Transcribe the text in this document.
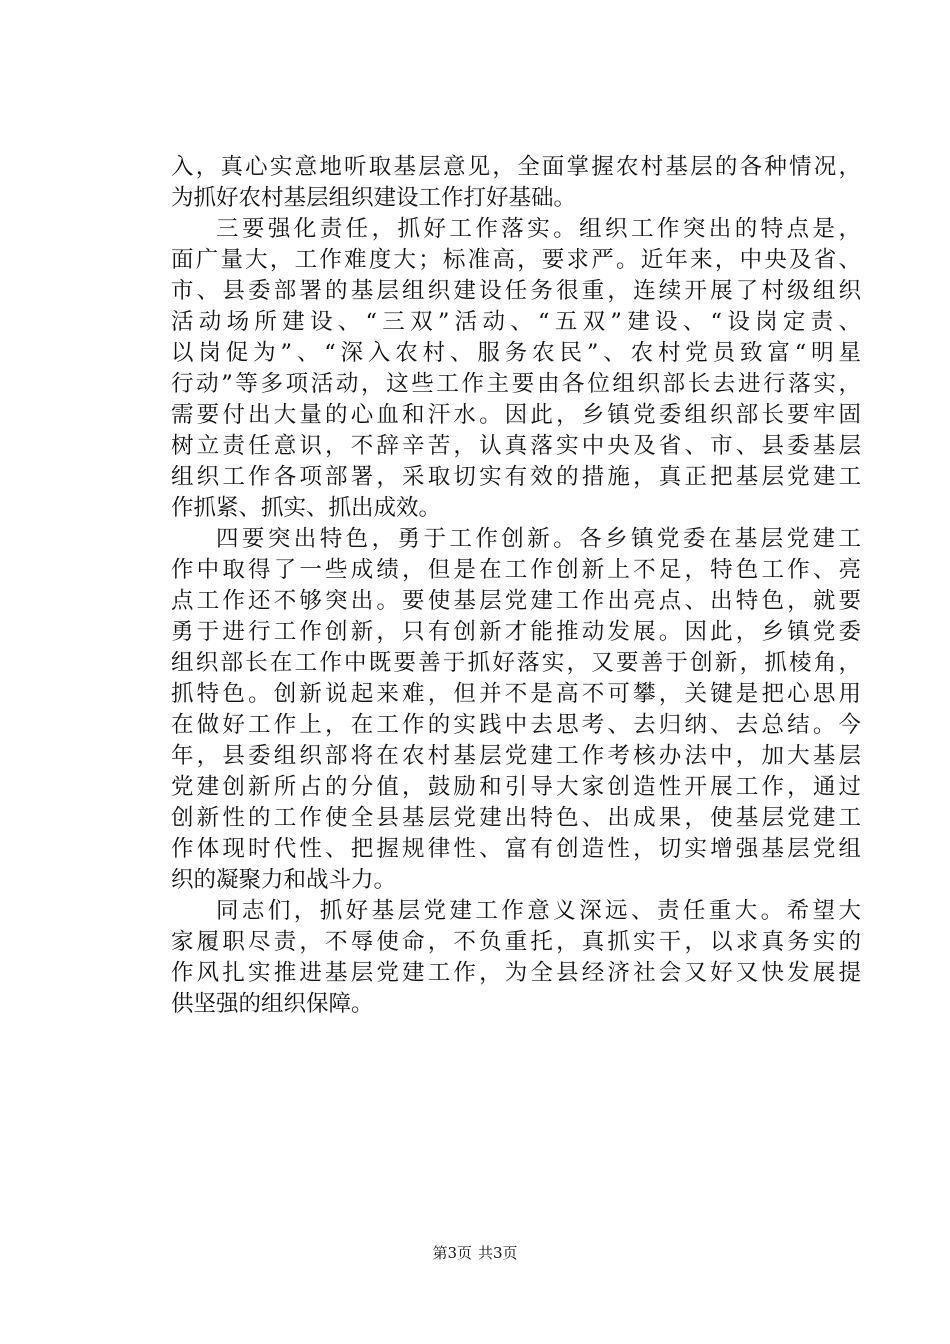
入，真心实意地听取基层意见，全面掌握农村基层的各种情况，
为抓好农村基层组织建设工作打好基础。

三要强化责任，抓好工作落实。组织工作突出的特点是，
面广量大，工作难度大；标准高，要求严。近年来，中央及省、
市、县委部署的基层组织建设任务很重，连续开展了村级组织
活动场所建设、“三双”活动、“五双”建设、“设岗定责、
以岗促为”、“深入农村、服务农民”、农村党员致富“明星
行动”等多项活动，这些工作主要由各位组织部长去进行落实，
需要付出大量的心血和汗水。因此，乡镇党委组织部长要牢固
树立责任意识，不辞辛苦，认真落实中央及省、市、县委基层
组织工作各项部署，采取切实有效的措施，真正把基层党建工
作抓紧、抓实、抓出成效。

四要突出特色，勇于工作创新。各乡镇党委在基层党建工
作中取得了一些成绩，但是在工作创新上不足，特色工作、亮
点工作还不够突出。要使基层党建工作出亮点、出特色，就要
勇于进行工作创新，只有创新才能推动发展。因此，乡镇党委
组织部长在工作中既要善于抓好落实，又要善于创新，抓棱角，
抓特色。创新说起来难，但并不是高不可攀，关键是把心思用
在做好工作上，在工作的实践中去思考、去归纳、去总结。今
年，县委组织部将在农村基层党建工作考核办法中，加大基层
党建创新所占的分值，鼓励和引导大家创造性开展工作，通过
创新性的工作使全县基层党建出特色、出成果，使基层党建工
作体现时代性、把握规律性、富有创造性，切实增强基层党组
织的凝聚力和战斗力。

同志们，抓好基层党建工作意义深远、责任重大。希望大
家履职尽责，不辱使命，不负重托，真抓实干，以求真务实的
作风扎实推进基层党建工作，为全县经济社会又好又快发展提
供坚强的组织保障。

第3页 共3页
